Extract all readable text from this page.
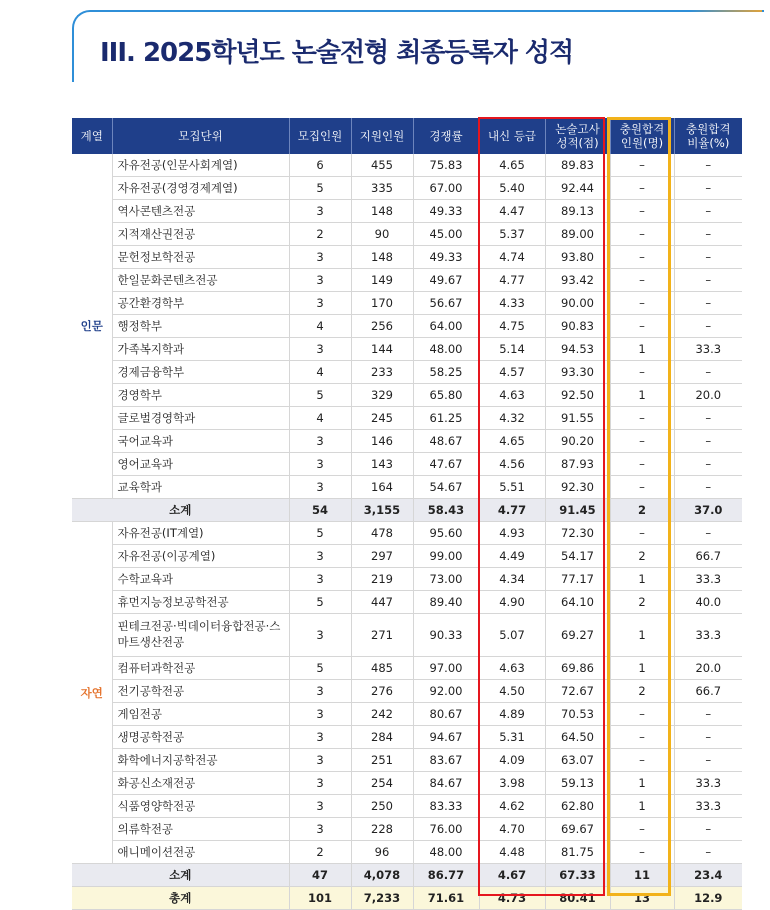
III. 2025학년도 논술전형 최종등록자 성적
계열	모집단위	모집인원	지원인원	경쟁률	내신 등급	논술고사 성적(점)	충원합격 인원(명)	충원합격 비율(%)
인문	자유전공(인문사회계열)	6	455	75.83	4.65	89.83	–	–
	자유전공(경영경제계열)	5	335	67.00	5.40	92.44	–	–
	역사콘텐츠전공	3	148	49.33	4.47	89.13	–	–
	지적재산권전공	2	90	45.00	5.37	89.00	–	–
	문헌정보학전공	3	148	49.33	4.74	93.80	–	–
	한일문화콘텐츠전공	3	149	49.67	4.77	93.42	–	–
	공간환경학부	3	170	56.67	4.33	90.00	–	–
	행정학부	4	256	64.00	4.75	90.83	–	–
	가족복지학과	3	144	48.00	5.14	94.53	1	33.3
	경제금융학부	4	233	58.25	4.57	93.30	–	–
	경영학부	5	329	65.80	4.63	92.50	1	20.0
	글로벌경영학과	4	245	61.25	4.32	91.55	–	–
	국어교육과	3	146	48.67	4.65	90.20	–	–
	영어교육과	3	143	47.67	4.56	87.93	–	–
	교육학과	3	164	54.67	5.51	92.30	–	–
소계		54	3,155	58.43	4.77	91.45	2	37.0
자연	자유전공(IT계열)	5	478	95.60	4.93	72.30	–	–
	자유전공(이공계열)	3	297	99.00	4.49	54.17	2	66.7
	수학교육과	3	219	73.00	4.34	77.17	1	33.3
	휴먼지능정보공학전공	5	447	89.40	4.90	64.10	2	40.0
	핀테크전공·빅데이터융합전공·스마트생산전공	3	271	90.33	5.07	69.27	1	33.3
	컴퓨터과학전공	5	485	97.00	4.63	69.86	1	20.0
	전기공학전공	3	276	92.00	4.50	72.67	2	66.7
	게임전공	3	242	80.67	4.89	70.53	–	–
	생명공학전공	3	284	94.67	5.31	64.50	–	–
	화학에너지공학전공	3	251	83.67	4.09	63.07	–	–
	화공신소재전공	3	254	84.67	3.98	59.13	1	33.3
	식품영양학전공	3	250	83.33	4.62	62.80	1	33.3
	의류학전공	3	228	76.00	4.70	69.67	–	–
	애니메이션전공	2	96	48.00	4.48	81.75	–	–
소계		47	4,078	86.77	4.67	67.33	11	23.4
총계		101	7,233	71.61	4.73	80.41	13	12.9
